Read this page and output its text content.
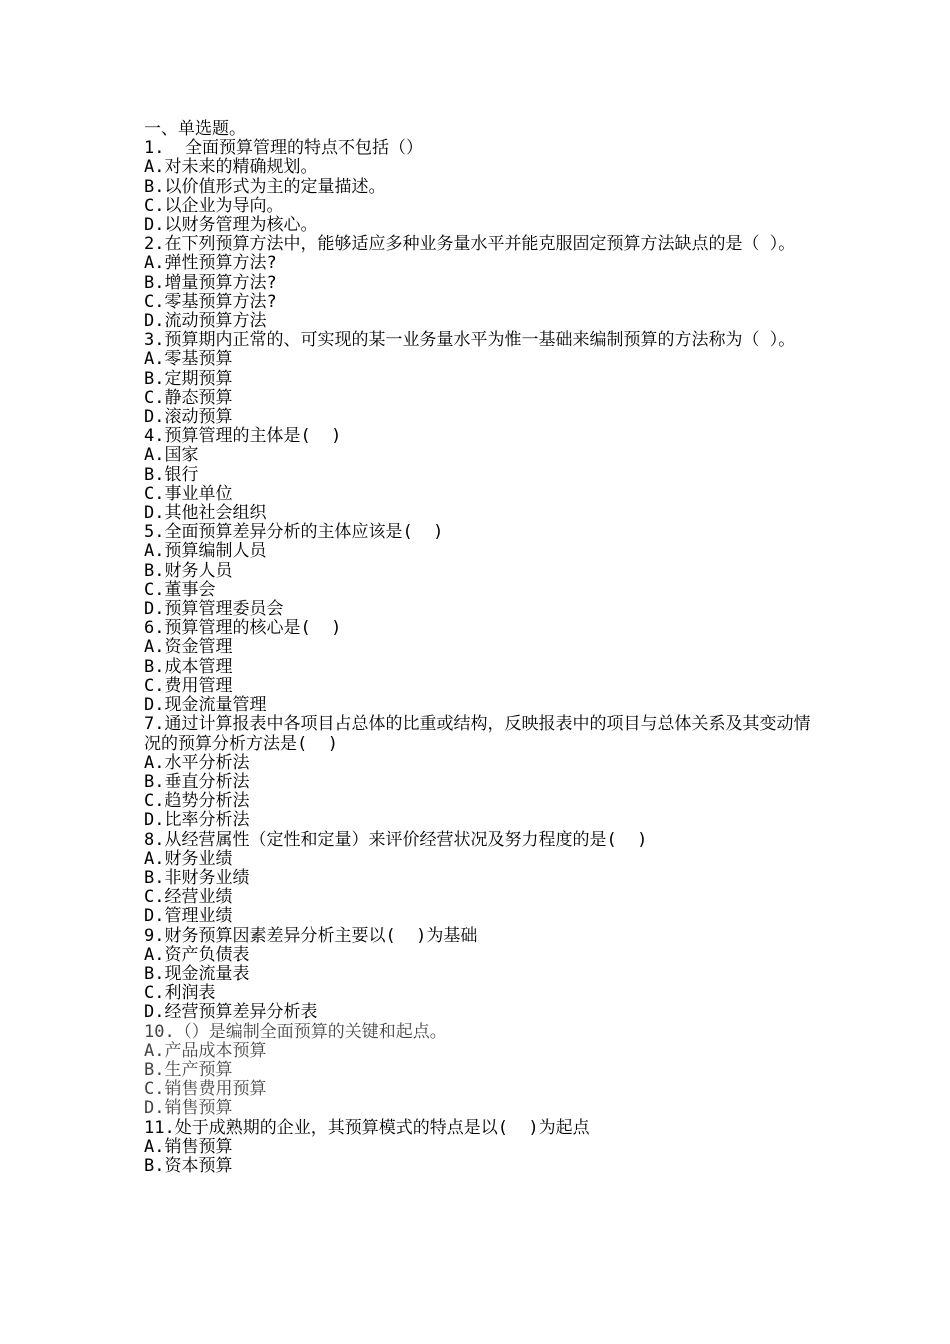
一、单选题。
1.  全面预算管理的特点不包括（）
A.对未来的精确规划。
B.以价值形式为主的定量描述。
C.以企业为导向。
D.以财务管理为核心。
2.在下列预算方法中，能够适应多种业务量水平并能克服固定预算方法缺点的是（ ）。
A.弹性预算方法?
B.增量预算方法?
C.零基预算方法?
D.流动预算方法
3.预算期内正常的、可实现的某一业务量水平为惟一基础来编制预算的方法称为（ ）。
A.零基预算
B.定期预算
C.静态预算
D.滚动预算
4.预算管理的主体是(  )
A.国家
B.银行
C.事业单位
D.其他社会组织
5.全面预算差异分析的主体应该是(  )
A.预算编制人员
B.财务人员
C.董事会
D.预算管理委员会
6.预算管理的核心是(  )
A.资金管理
B.成本管理
C.费用管理
D.现金流量管理
7.通过计算报表中各项目占总体的比重或结构，反映报表中的项目与总体关系及其变动情况的预算分析方法是(  )
A.水平分析法
B.垂直分析法
C.趋势分析法
D.比率分析法
8.从经营属性（定性和定量）来评价经营状况及努力程度的是(  )
A.财务业绩
B.非财务业绩
C.经营业绩
D.管理业绩
9.财务预算因素差异分析主要以(  )为基础
A.资产负债表
B.现金流量表
C.利润表
D.经营预算差异分析表
10.（）是编制全面预算的关键和起点。
A.产品成本预算
B.生产预算
C.销售费用预算
D.销售预算
11.处于成熟期的企业，其预算模式的特点是以(  )为起点
A.销售预算
B.资本预算
